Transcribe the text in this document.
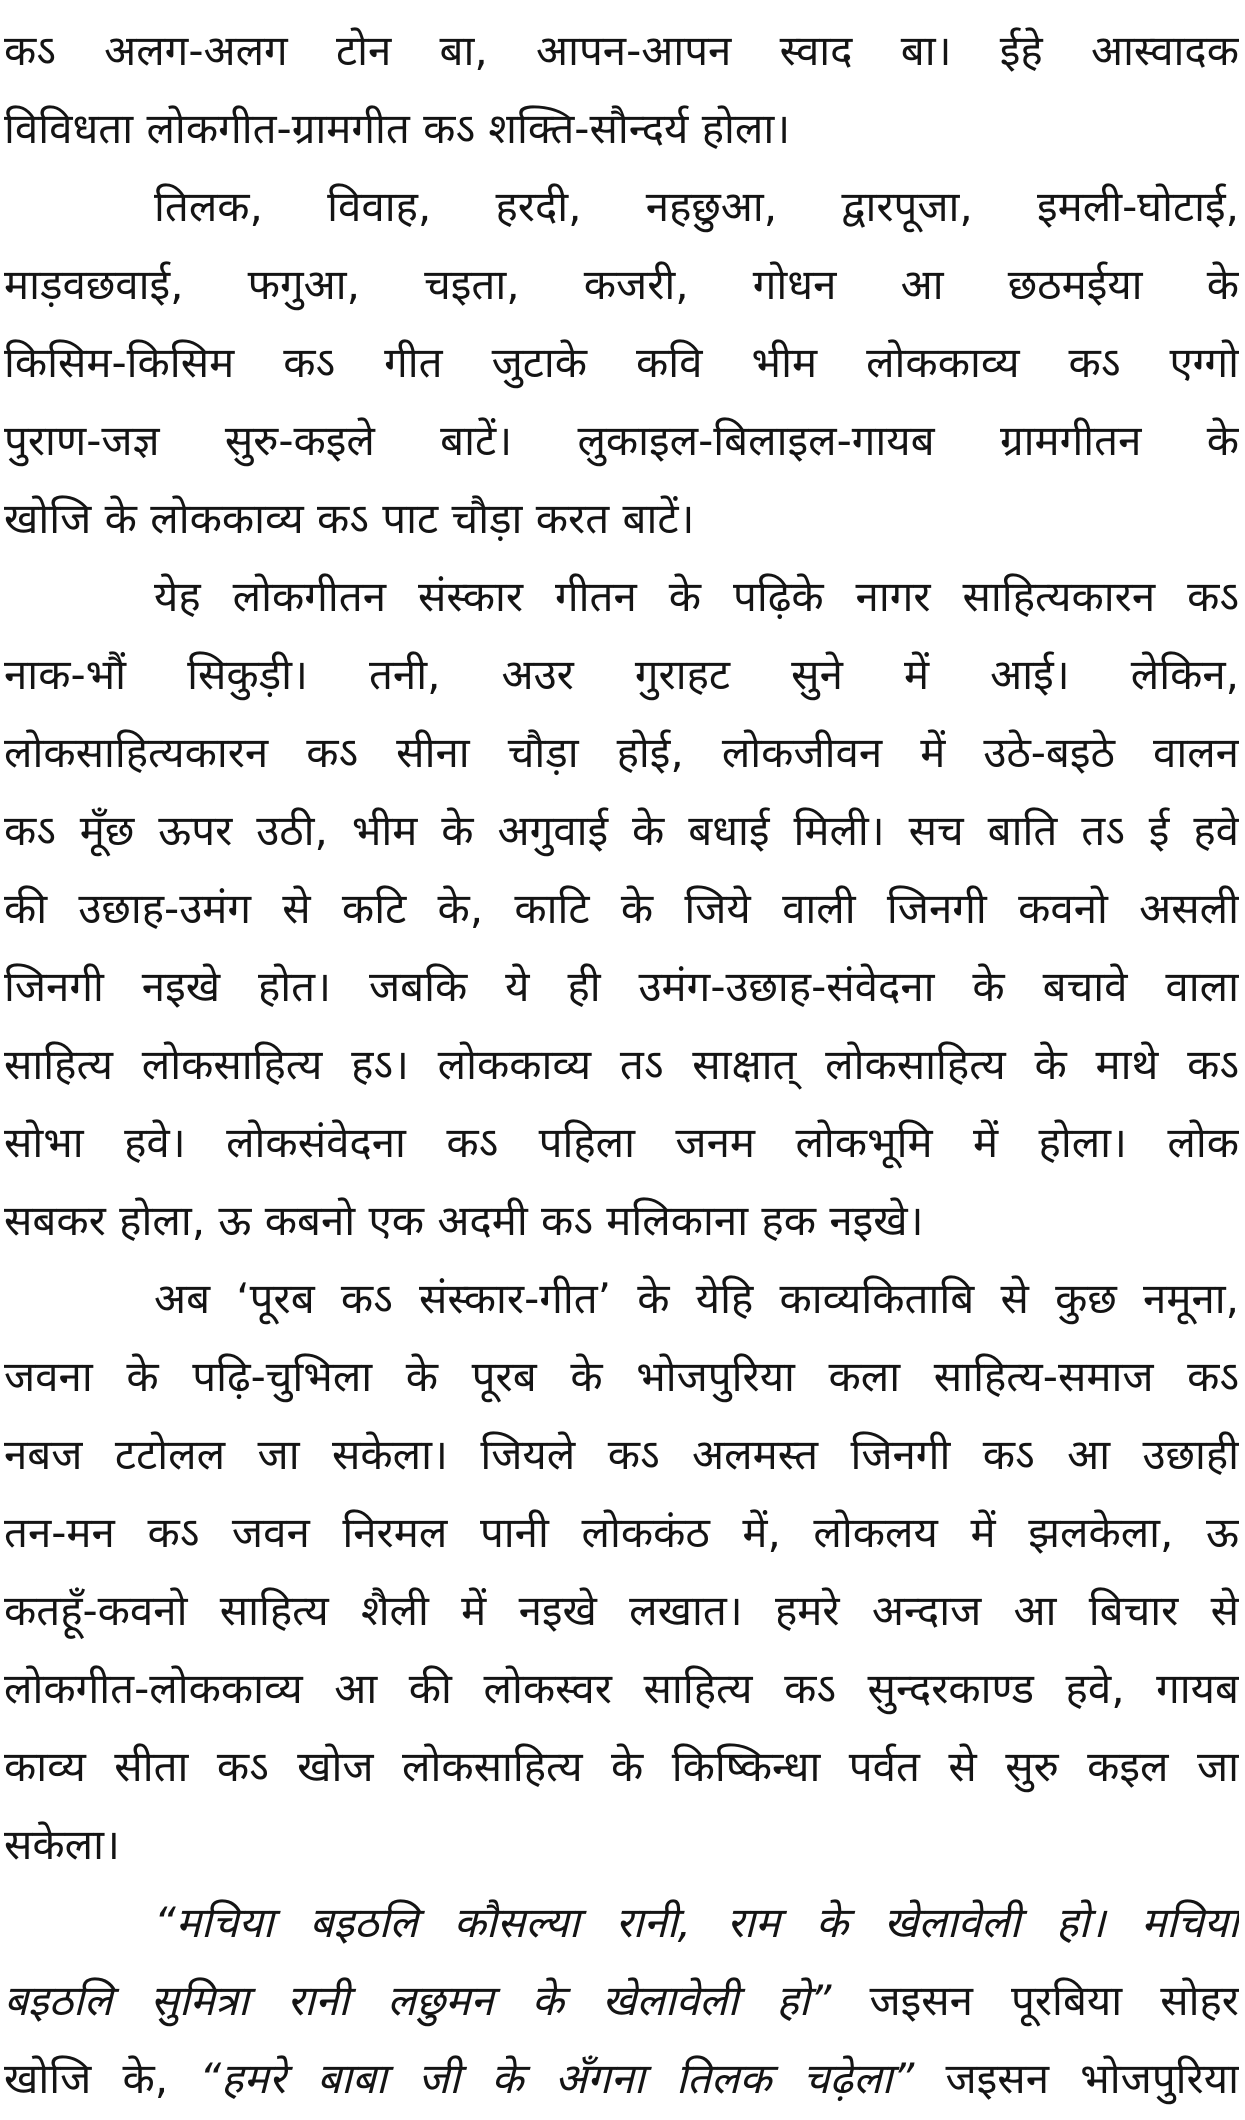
कऽ अलग-अलग टोन बा, आपन-आपन स्वाद बा। ईहे आस्वादक
विविधता लोकगीत-ग्रामगीत कऽ शक्ति-सौन्दर्य होला।
तिलक, विवाह, हरदी, नहछुआ, द्वारपूजा, इमली-घोटाई,
माड़वछवाई, फगुआ, चइता, कजरी, गोधन आ छठमईया के
किसिम-किसिम कऽ गीत जुटाके कवि भीम लोककाव्य कऽ एग्गो
पुराण-जज्ञ सुरु-कइले बाटें। लुकाइल-बिलाइल-गायब ग्रामगीतन के
खोजि के लोककाव्य कऽ पाट चौड़ा करत बाटें।
येह लोकगीतन संस्कार गीतन के पढ़िके नागर साहित्यकारन कऽ
नाक-भौं सिकुड़ी। तनी, अउर गुराहट सुने में आई। लेकिन,
लोकसाहित्यकारन कऽ सीना चौड़ा होई, लोकजीवन में उठे-बइठे वालन
कऽ मूँछ ऊपर उठी, भीम के अगुवाई के बधाई मिली। सच बाति तऽ ई हवे
की उछाह-उमंग से कटि के, काटि के जिये वाली जिनगी कवनो असली
जिनगी नइखे होत। जबकि ये ही उमंग-उछाह-संवेदना के बचावे वाला
साहित्य लोकसाहित्य हऽ। लोककाव्य तऽ साक्षात् लोकसाहित्य के माथे कऽ
सोभा हवे। लोकसंवेदना कऽ पहिला जनम लोकभूमि में होला। लोक
सबकर होला, ऊ कबनो एक अदमी कऽ मलिकाना हक नइखे।
अब ‘पूरब कऽ संस्कार-गीत’ के येहि काव्यकिताबि से कुछ नमूना,
जवना के पढ़ि-चुभिला के पूरब के भोजपुरिया कला साहित्य-समाज कऽ
नबज टटोलल जा सकेला। जियले कऽ अलमस्त जिनगी कऽ आ उछाही
तन-मन कऽ जवन निरमल पानी लोककंठ में, लोकलय में झलकेला, ऊ
कतहूँ-कवनो साहित्य शैली में नइखे लखात। हमरे अन्दाज आ बिचार से
लोकगीत-लोककाव्य आ की लोकस्वर साहित्य कऽ सुन्दरकाण्ड हवे, गायब
काव्य सीता कऽ खोज लोकसाहित्य के किष्किन्धा पर्वत से सुरु कइल जा
सकेला।
“मचिया बइठलि कौसल्या रानी, राम के खेलावेली हो। मचिया
बइठलि सुमित्रा रानी लछुमन के खेलावेली हो” जइसन पूरबिया सोहर
खोजि के, “हमरे बाबा जी के अँगना तिलक चढ़ेला” जइसन भोजपुरिया
